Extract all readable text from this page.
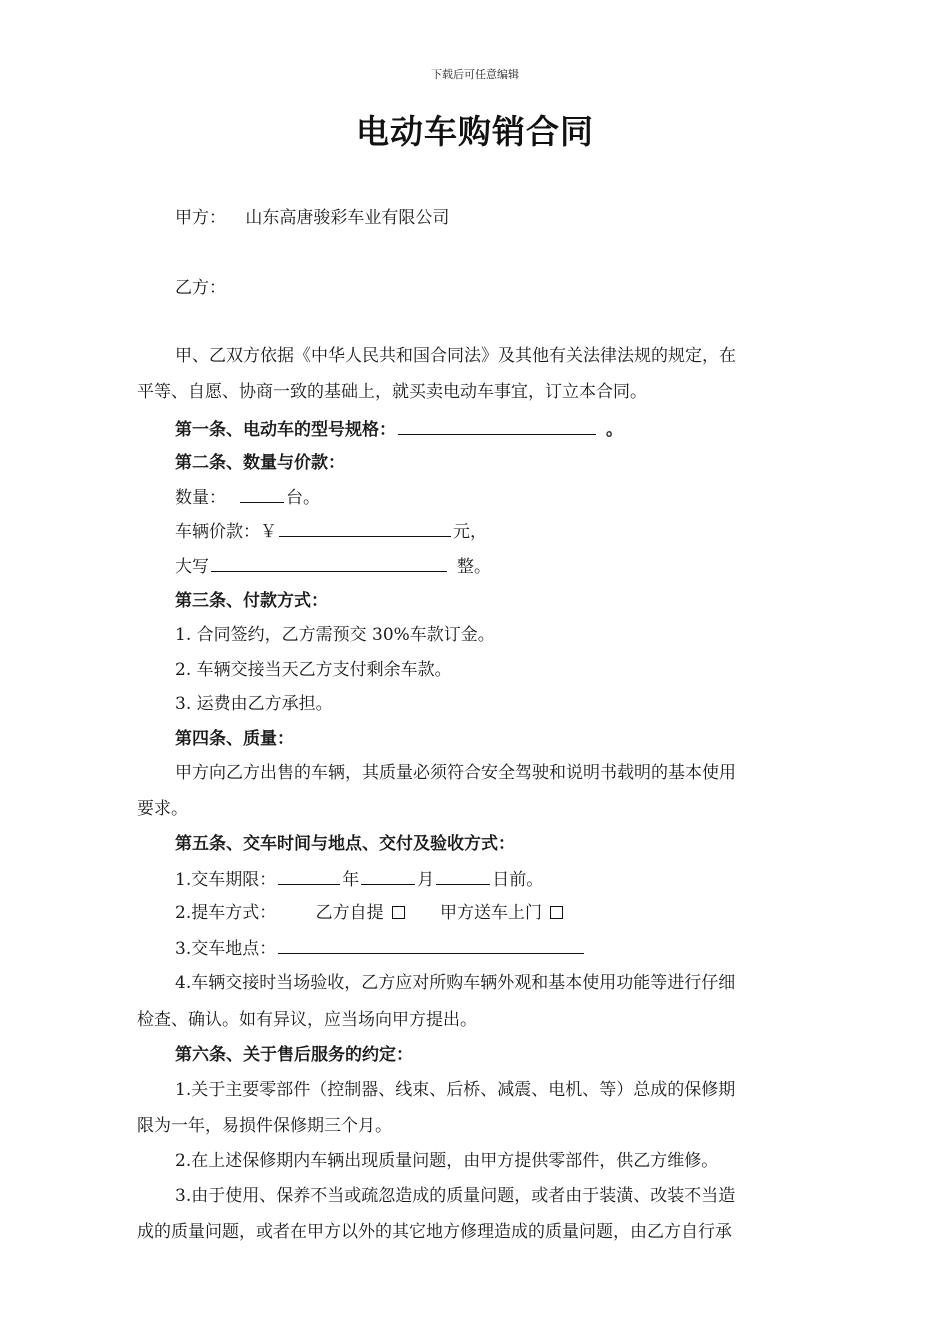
下载后可任意编辑
电动车购销合同
甲方： 山东高唐骏彩车业有限公司
乙方：
甲、乙双方依据《中华人民共和国合同法》及其他有关法律法规的规定，在
平等、自愿、协商一致的基础上，就买卖电动车事宜，订立本合同。
第一条、电动车的型号规格：	。
第二条、数量与价款：
数量：	台。
车辆价款：￥	元，
大写	整。
第三条、付款方式：
1. 合同签约，乙方需预交 30%车款订金。
2. 车辆交接当天乙方支付剩余车款。
3. 运费由乙方承担。
第四条、质量：
甲方向乙方出售的车辆，其质量必须符合安全驾驶和说明书载明的基本使用
要求。
第五条、交车时间与地点、交付及验收方式：
1.交车期限：	年	月	日前。
2.提车方式： 乙方自提	甲方送车上门
3.交车地点：
4.车辆交接时当场验收，乙方应对所购车辆外观和基本使用功能等进行仔细
检查、确认。如有异议，应当场向甲方提出。
第六条、关于售后服务的约定：
1.关于主要零部件（控制器、线束、后桥、减震、电机、等）总成的保修期
限为一年，易损件保修期三个月。
2.在上述保修期内车辆出现质量问题，由甲方提供零部件，供乙方维修。
3.由于使用、保养不当或疏忽造成的质量问题，或者由于装潢、改装不当造
成的质量问题，或者在甲方以外的其它地方修理造成的质量问题，由乙方自行承
